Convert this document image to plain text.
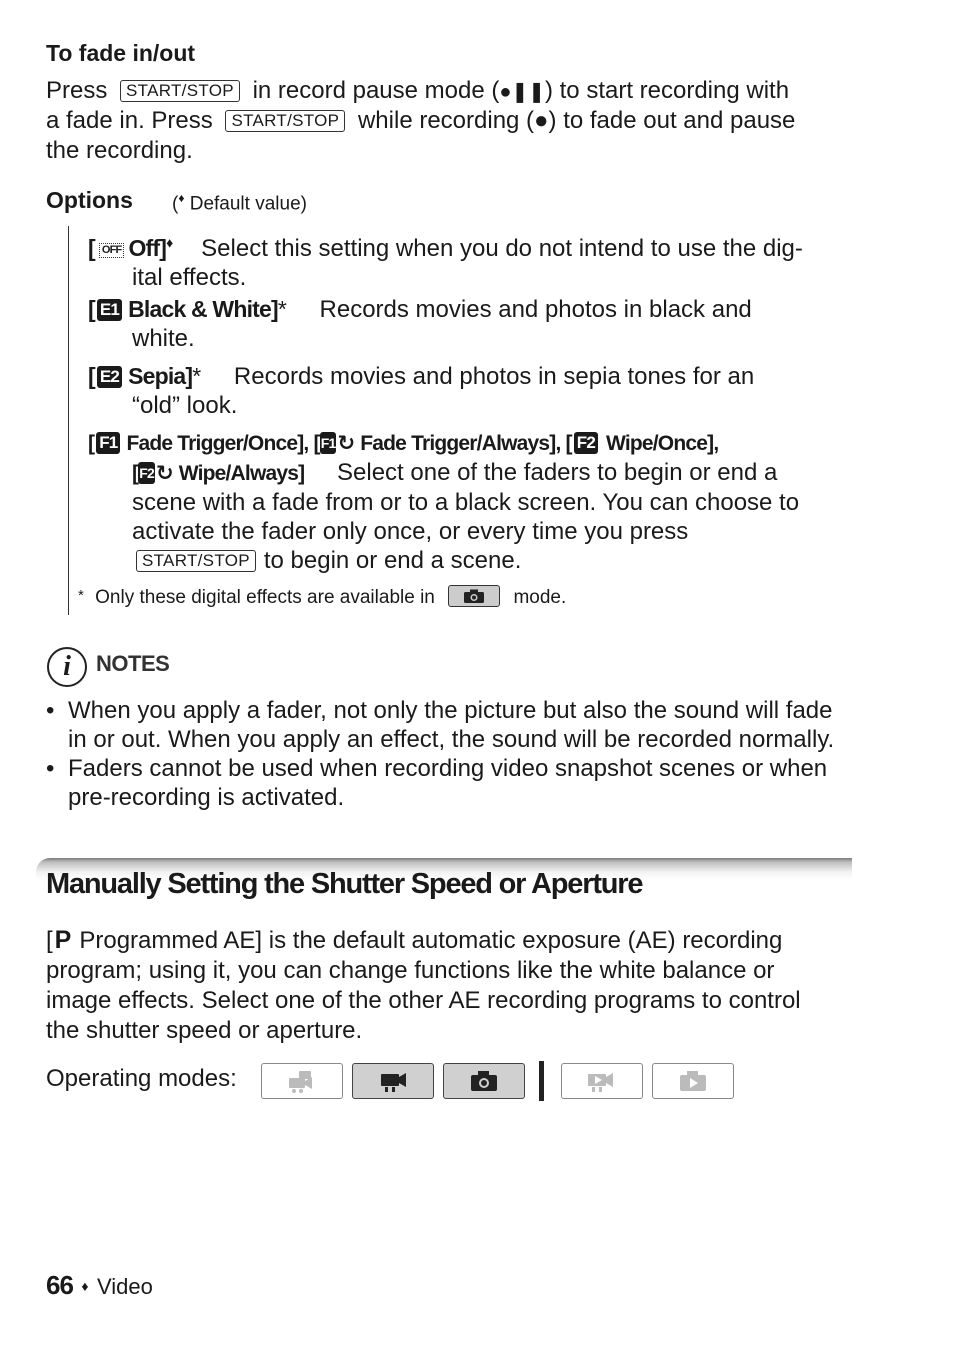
To fade in/out
Press START/STOP in record pause mode (●❚❚) to start recording with
a fade in. Press START/STOP while recording (●) to fade out and pause
the recording.
Options (♦ Default value)
[ OFF Off]♦ Select this setting when you do not intend to use the dig-
ital effects.
[ E1 Black & White]* Records movies and photos in black and
white.
[ E2 Sepia]* Records movies and photos in sepia tones for an
“old” look.
[ F1 Fade Trigger/Once], [F1↻ Fade Trigger/Always], [ F2 Wipe/Once],
[F2↻ Wipe/Always] Select one of the faders to begin or end a
scene with a fade from or to a black screen. You can choose to
activate the fader only once, or every time you press
START/STOP to begin or end a scene.
* Only these digital effects are available in	mode.
i	NOTES
• When you apply a fader, not only the picture but also the sound will fade
in or out. When you apply an effect, the sound will be recorded normally.
• Faders cannot be used when recording video snapshot scenes or when
pre-recording is activated.
Manually Setting the Shutter Speed or Aperture
[P Programmed AE] is the default automatic exposure (AE) recording
program; using it, you can change functions like the white balance or
image effects. Select one of the other AE recording programs to control
the shutter speed or aperture.
Operating modes:
66 ♦ Video
